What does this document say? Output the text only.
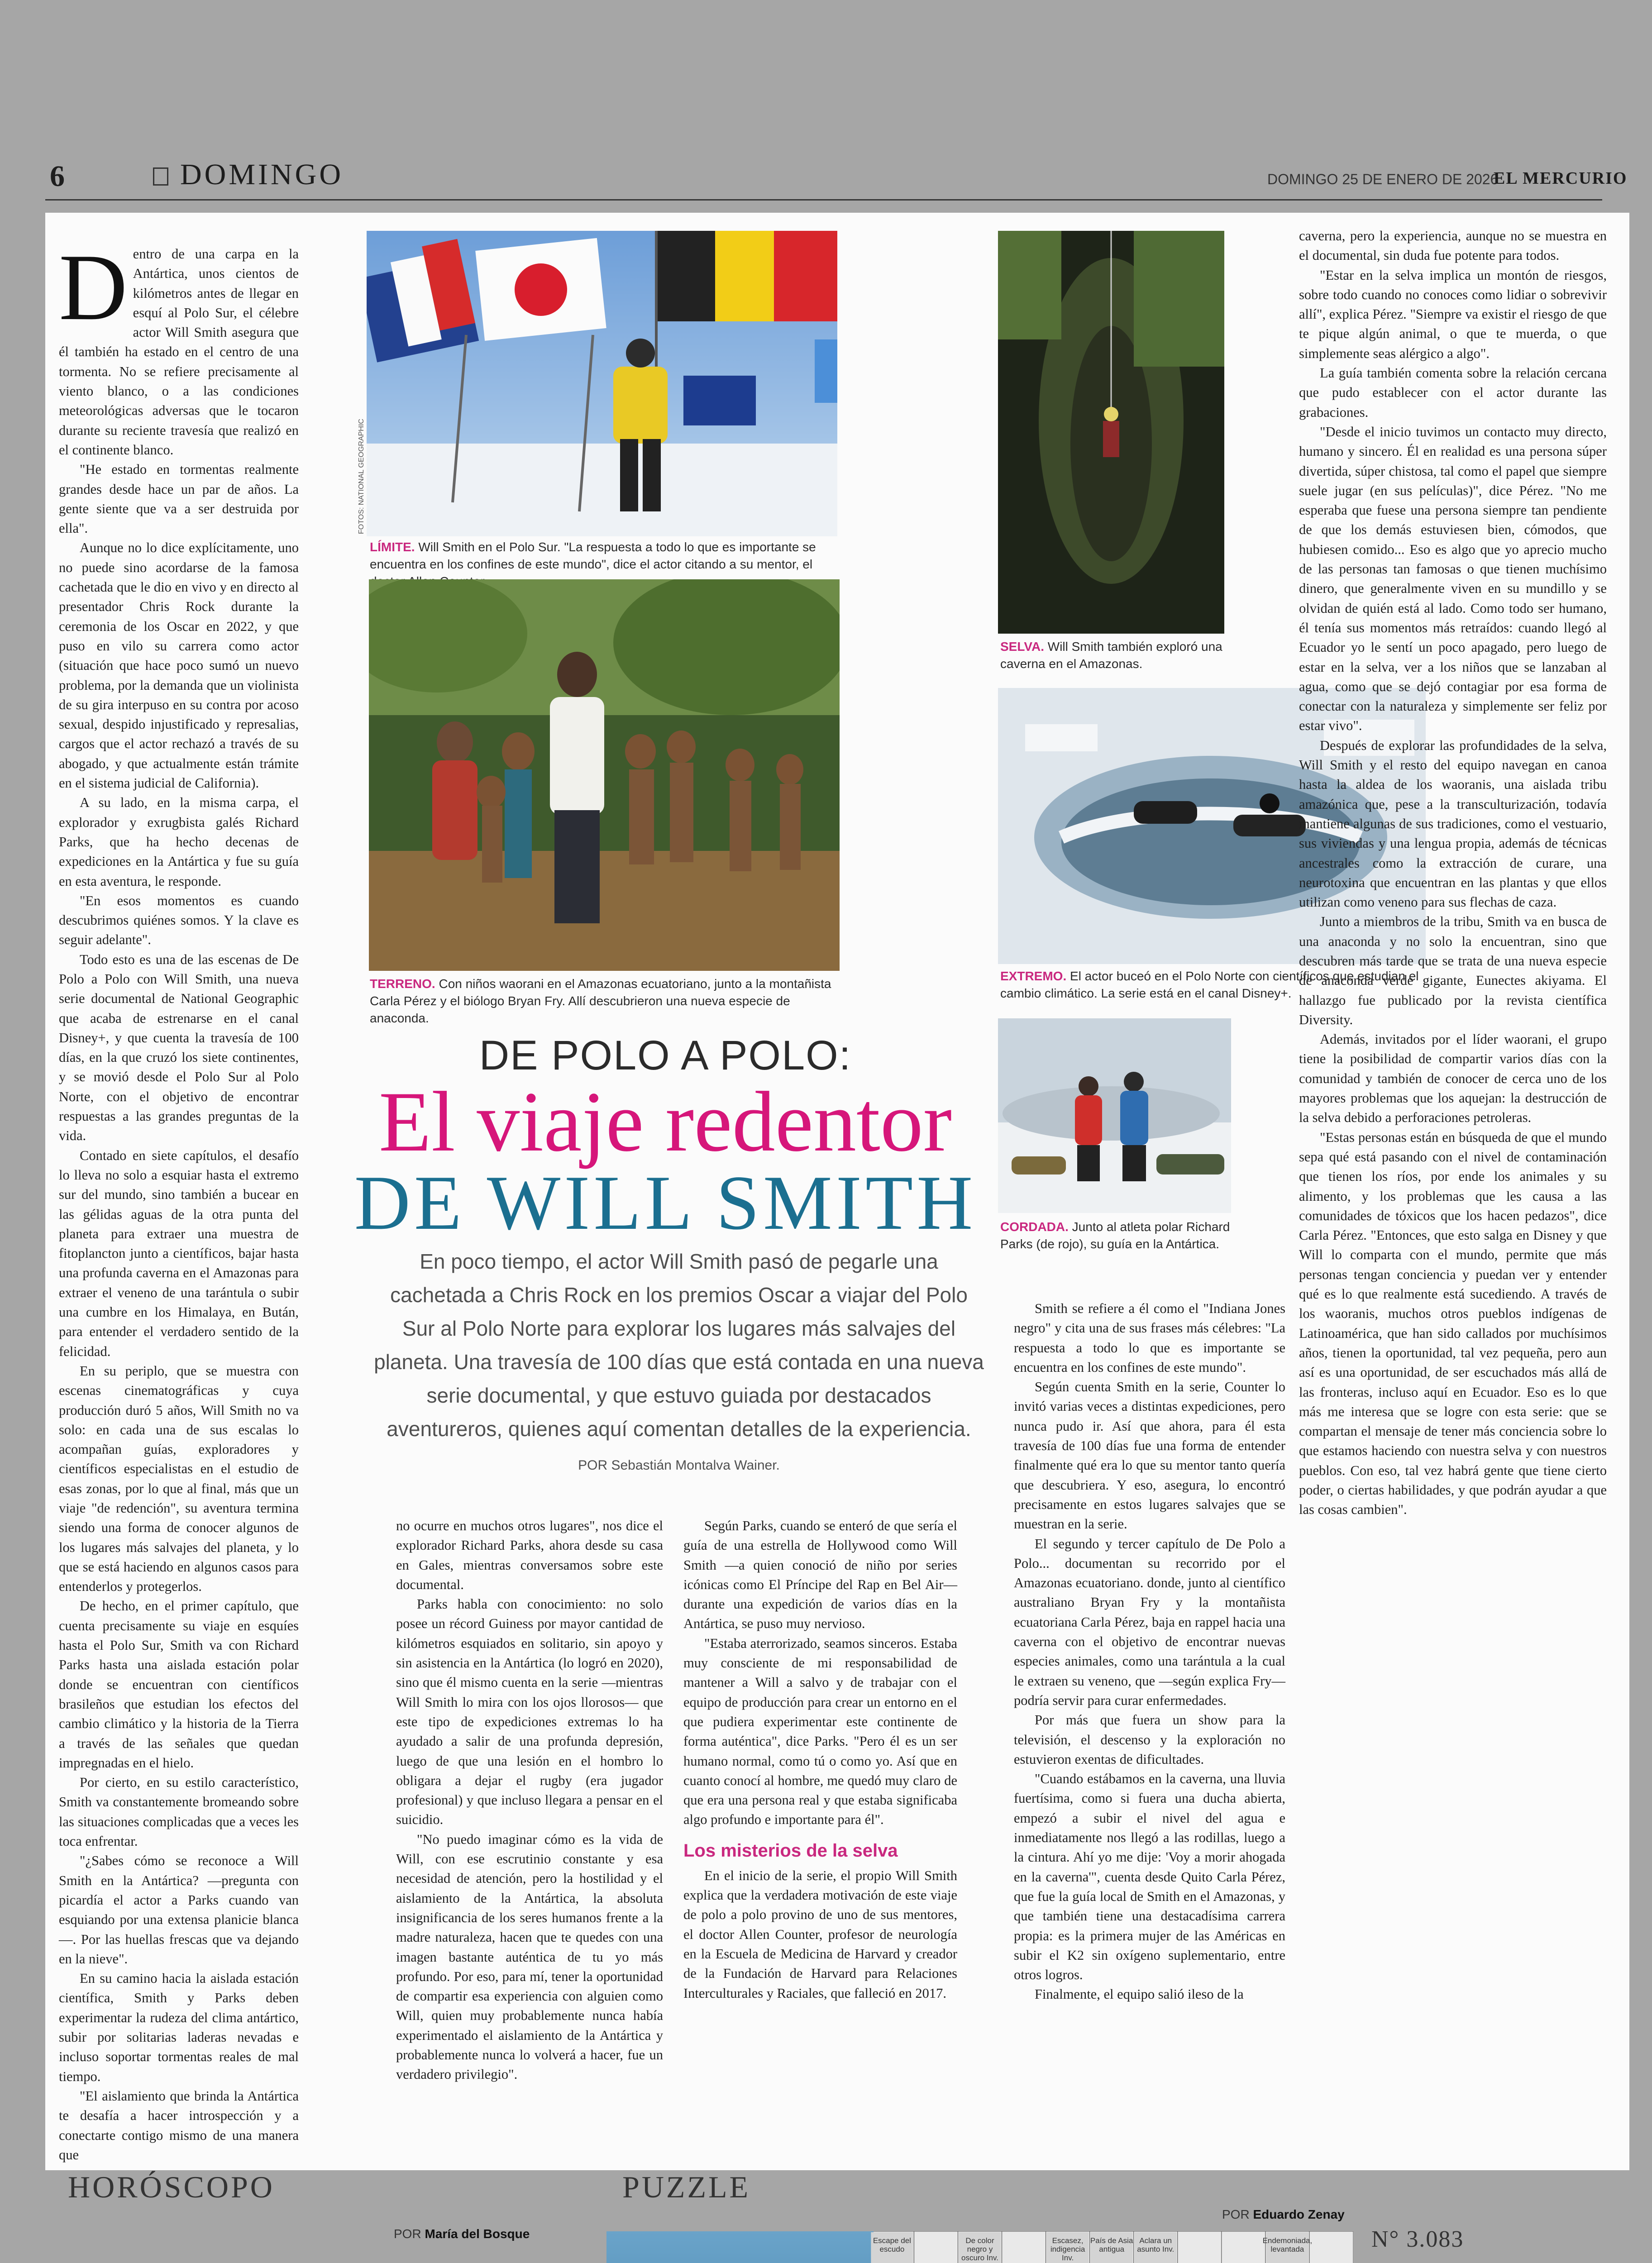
6	DOMINGO	DOMINGO 25 DE ENERO DE 2026
EL MERCURIO
D entro de una carpa en la Antártica, unos cientos de kilómetros antes de llegar en esquí al Polo Sur, el célebre actor Will Smith asegura que él también ha estado en el centro de una tormenta. No se refiere precisamente al viento blanco, o a las condiciones meteorológicas adversas que le tocaron durante su reciente travesía que realizó en el continente blanco.

"He estado en tormentas realmente grandes desde hace un par de años. La gente siente que va a ser destruida por ella".

Aunque no lo dice explícitamente, uno no puede sino acordarse de la famosa cachetada que le dio en vivo y en directo al presentador Chris Rock durante la ceremonia de los Oscar en 2022, y que puso en vilo su carrera como actor (situación que hace poco sumó un nuevo problema, por la demanda que un violinista de su gira interpuso en su contra por acoso sexual, despido injustificado y represalias, cargos que el actor rechazó a través de su abogado, y que actualmente están trámite en el sistema judicial de California).

A su lado, en la misma carpa, el explorador y exrugbista galés Richard Parks, que ha hecho decenas de expediciones en la Antártica y fue su guía en esta aventura, le responde.

"En esos momentos es cuando descubrimos quiénes somos. Y la clave es seguir adelante".

Todo esto es una de las escenas de De Polo a Polo con Will Smith, una nueva serie documental de National Geographic que acaba de estrenarse en el canal Disney+, y que cuenta la travesía de 100 días, en la que cruzó los siete continentes, y se movió desde el Polo Sur al Polo Norte, con el objetivo de encontrar respuestas a las grandes preguntas de la vida.

Contado en siete capítulos, el desafío lo lleva no solo a esquiar hasta el extremo sur del mundo, sino también a bucear en las gélidas aguas de la otra punta del planeta para extraer una muestra de fitoplancton junto a científicos, bajar hasta una profunda caverna en el Amazonas para extraer el veneno de una tarántula o subir una cumbre en los Himalaya, en Bután, para entender el verdadero sentido de la felicidad.

En su periplo, que se muestra con escenas cinematográficas y cuya producción duró 5 años, Will Smith no va solo: en cada una de sus escalas lo acompañan guías, exploradores y científicos especialistas en el estudio de esas zonas, por lo que al final, más que un viaje "de redención", su aventura termina siendo una forma de conocer algunos de los lugares más salvajes del planeta, y lo que se está haciendo en algunos casos para entenderlos y protegerlos.

De hecho, en el primer capítulo, que cuenta precisamente su viaje en esquíes hasta el Polo Sur, Smith va con Richard Parks hasta una aislada estación polar donde se encuentran con científicos brasileños que estudian los efectos del cambio climático y la historia de la Tierra a través de las señales que quedan impregnadas en el hielo.

Por cierto, en su estilo característico, Smith va constantemente bromeando sobre las situaciones complicadas que a veces les toca enfrentar.

"¿Sabes cómo se reconoce a Will Smith en la Antártica? —pregunta con picardía el actor a Parks cuando van esquiando por una extensa planicie blanca—. Por las huellas frescas que va dejando en la nieve".

En su camino hacia la aislada estación científica, Smith y Parks deben experimentar la rudeza del clima antártico, subir por solitarias laderas nevadas e incluso soportar tormentas reales de mal tiempo.

"El aislamiento que brinda la Antártica te desafía a hacer introspección y a conectarte contigo mismo de una manera que

LÍMITE. Will Smith en el Polo Sur. "La respuesta a todo lo que es importante se encuentra en los confines de este mundo", dice el actor citando a su mentor, el
FOTOS: NATIONAL GEOGRAPHIC
TERRENO. Con niños waorani en el Amazonas ecuatoriano, junto a la montañista Carla Pérez y el biólogo Bryan Fry. Allí descubrieron una nueva especie de anaconda.
SELVA. Will Smith también exploró una caverna en el Amazonas.
EXTREMO. El actor buceó en el Polo Norte con científicos que estudian el cambio climático. La serie está en el canal Disney+.
CORDADA. Junto al atleta polar Richard Parks (de rojo), su guía en la Antártica.
DE POLO A POLO:
El viaje redentor
DE WILL SMITH
En poco tiempo, el actor Will Smith pasó de pegarle una cachetada a Chris Rock en los premios Oscar a viajar del Polo Sur al Polo Norte para explorar los lugares más salvajes del planeta. Una travesía de 100 días que está contada en una nueva serie documental, y que estuvo guiada por destacados aventureros, quienes aquí comentan detalles de la experiencia. POR Sebastián Montalva Wainer.

no ocurre en muchos otros lugares", nos dice el explorador Richard Parks, ahora desde su casa en Gales, mientras conversamos sobre este documental.

Parks habla con conocimiento: no solo posee un récord Guiness por mayor cantidad de kilómetros esquiados en solitario, sin apoyo y sin asistencia en la Antártica (lo logró en 2020), sino que él mismo cuenta en la serie —mientras Will Smith lo mira con los ojos llorosos— que este tipo de expediciones extremas lo ha ayudado a salir de una profunda depresión, luego de que una lesión en el hombro lo obligara a dejar el rugby (era jugador profesional) y que incluso llegara a pensar en el suicidio.

"No puedo imaginar cómo es la vida de Will, con ese escrutinio constante y esa necesidad de atención, pero la hostilidad y el aislamiento de la Antártica, la absoluta insignificancia de los seres humanos frente a la madre naturaleza, hacen que te quedes con una imagen bastante auténtica de tu yo más profundo. Por eso, para mí, tener la oportunidad de compartir esa experiencia con alguien como Will, quien muy probablemente nunca había experimentado el aislamiento de la Antártica y probablemente nunca lo volverá a hacer, fue un verdadero privilegio".

Según Parks, cuando se enteró de que sería el guía de una estrella de Hollywood como Will Smith —a quien conoció de niño por series icónicas como El Príncipe del Rap en Bel Air— durante una expedición de varios días en la Antártica, se puso muy nervioso.

"Estaba aterrorizado, seamos sinceros. Estaba muy consciente de mi responsabilidad de mantener a Will a salvo y de trabajar con el equipo de producción para crear un entorno en el que pudiera experimentar este continente de forma auténtica", dice Parks. "Pero él es un ser humano normal, como tú o como yo. Así que en cuanto conocí al hombre, me quedó muy claro de que era una persona real y que estaba significaba algo profundo e importante para él".

Los misterios de la selva

En el inicio de la serie, el propio Will Smith explica que la verdadera motivación de este viaje de polo a polo provino de uno de sus mentores, el doctor Allen Counter, profesor de neurología en la Escuela de Medicina de Harvard y creador de la Fundación de Harvard para Relaciones Interculturales y Raciales, que falleció en 2017.

Smith se refiere a él como el "Indiana Jones negro" y cita una de sus frases más célebres: "La respuesta a todo lo que es importante se encuentra en los confines de este mundo".

Según cuenta Smith en la serie, Counter lo invitó varias veces a distintas expediciones, pero nunca pudo ir. Así que ahora, para él esta travesía de 100 días fue una forma de entender finalmente qué era lo que su mentor tanto quería que descubriera. Y eso, asegura, lo encontró precisamente en estos lugares salvajes que se muestran en la serie.

El segundo y tercer capítulo de De Polo a Polo... documentan su recorrido por el Amazonas ecuatoriano. donde, junto al científico australiano Bryan Fry y la montañista ecuatoriana Carla Pérez, baja en rappel hacia una caverna con el objetivo de encontrar nuevas especies animales, como una tarántula a la cual le extraen su veneno, que —según explica Fry— podría servir para curar enfermedades.

Por más que fuera un show para la televisión, el descenso y la exploración no estuvieron exentas de dificultades.

"Cuando estábamos en la caverna, una lluvia fuertísima, como si fuera una ducha abierta, empezó a subir el nivel del agua e inmediatamente nos llegó a las rodillas, luego a la cintura. Ahí yo me dije: 'Voy a morir ahogada en la caverna'", cuenta desde Quito Carla Pérez, que fue la guía local de Smith en el Amazonas, y que también tiene una destacadísima carrera propia: es la primera mujer de las Américas en subir el K2 sin oxígeno suplementario, entre otros logros.

Finalmente, el equipo salió ileso de la

caverna, pero la experiencia, aunque no se muestra en el documental, sin duda fue potente para todos.

"Estar en la selva implica un montón de riesgos, sobre todo cuando no conoces como lidiar o sobrevivir allí", explica Pérez. "Siempre va existir el riesgo de que te pique algún animal, o que te muerda, o que simplemente seas alérgico a algo".

La guía también comenta sobre la relación cercana que pudo establecer con el actor durante las grabaciones.

"Desde el inicio tuvimos un contacto muy directo, humano y sincero. Él en realidad es una persona súper divertida, súper chistosa, tal como el papel que siempre suele jugar (en sus películas)", dice Pérez. "No me esperaba que fuese una persona siempre tan pendiente de que los demás estuviesen bien, cómodos, que hubiesen comido... Eso es algo que yo aprecio mucho de las personas tan famosas o que tienen muchísimo dinero, que generalmente viven en su mundillo y se olvidan de quién está al lado. Como todo ser humano, él tenía sus momentos más retraídos: cuando llegó al Ecuador yo le sentí un poco apagado, pero luego de estar en la selva, ver a los niños que se lanzaban al agua, como que se dejó contagiar por esa forma de conectar con la naturaleza y simplemente ser feliz por estar vivo".

Después de explorar las profundidades de la selva, Will Smith y el resto del equipo navegan en canoa hasta la aldea de los waoranis, una aislada tribu amazónica que, pese a la transculturización, todavía mantiene algunas de sus tradiciones, como el vestuario, sus viviendas y una lengua propia, además de técnicas ancestrales como la extracción de curare, una neurotoxina que encuentran en las plantas y que ellos utilizan como veneno para sus flechas de caza.

Junto a miembros de la tribu, Smith va en busca de una anaconda y no solo la encuentran, sino que descubren más tarde que se trata de una nueva especie de anaconda verde gigante, Eunectes akiyama. El hallazgo fue publicado por la revista científica Diversity.

Además, invitados por el líder waorani, el grupo tiene la posibilidad de compartir varios días con la comunidad y también de conocer de cerca uno de los mayores problemas que los aquejan: la destrucción de la selva debido a perforaciones petroleras.

"Estas personas están en búsqueda de que el mundo sepa qué está pasando con el nivel de contaminación que tienen los ríos, por ende los animales y su alimento, y los problemas que les causa a las comunidades de tóxicos que los hacen pedazos", dice Carla Pérez. "Entonces, que esto salga en Disney y que Will lo comparta con el mundo, permite que más personas tengan conciencia y puedan ver y entender qué es lo que realmente está sucediendo. A través de los waoranis, muchos otros pueblos indígenas de Latinoamérica, que han sido callados por muchísimos años, tienen la oportunidad, tal vez pequeña, pero aun así es una oportunidad, de ser escuchados más allá de las fronteras, incluso aquí en Ecuador. Eso es lo que más me interesa que se logre con esta serie: que se compartan el mensaje de tener más conciencia sobre lo que estamos haciendo con nuestra selva y con nuestros pueblos. Con eso, tal vez habrá gente que tiene cierto poder, o ciertas habilidades, y que podrán ayudar a que las cosas cambien".

HORÓSCOPO	PUZZLE
POR María del Bosque
POR Eduardo Zenay
Escape del escudo
De color negro y oscuro Inv.
Escasez, indigencia Inv.
País de Asia antigua
Aclara un asunto Inv.
Endemoniada, levantada	N° 3.083
